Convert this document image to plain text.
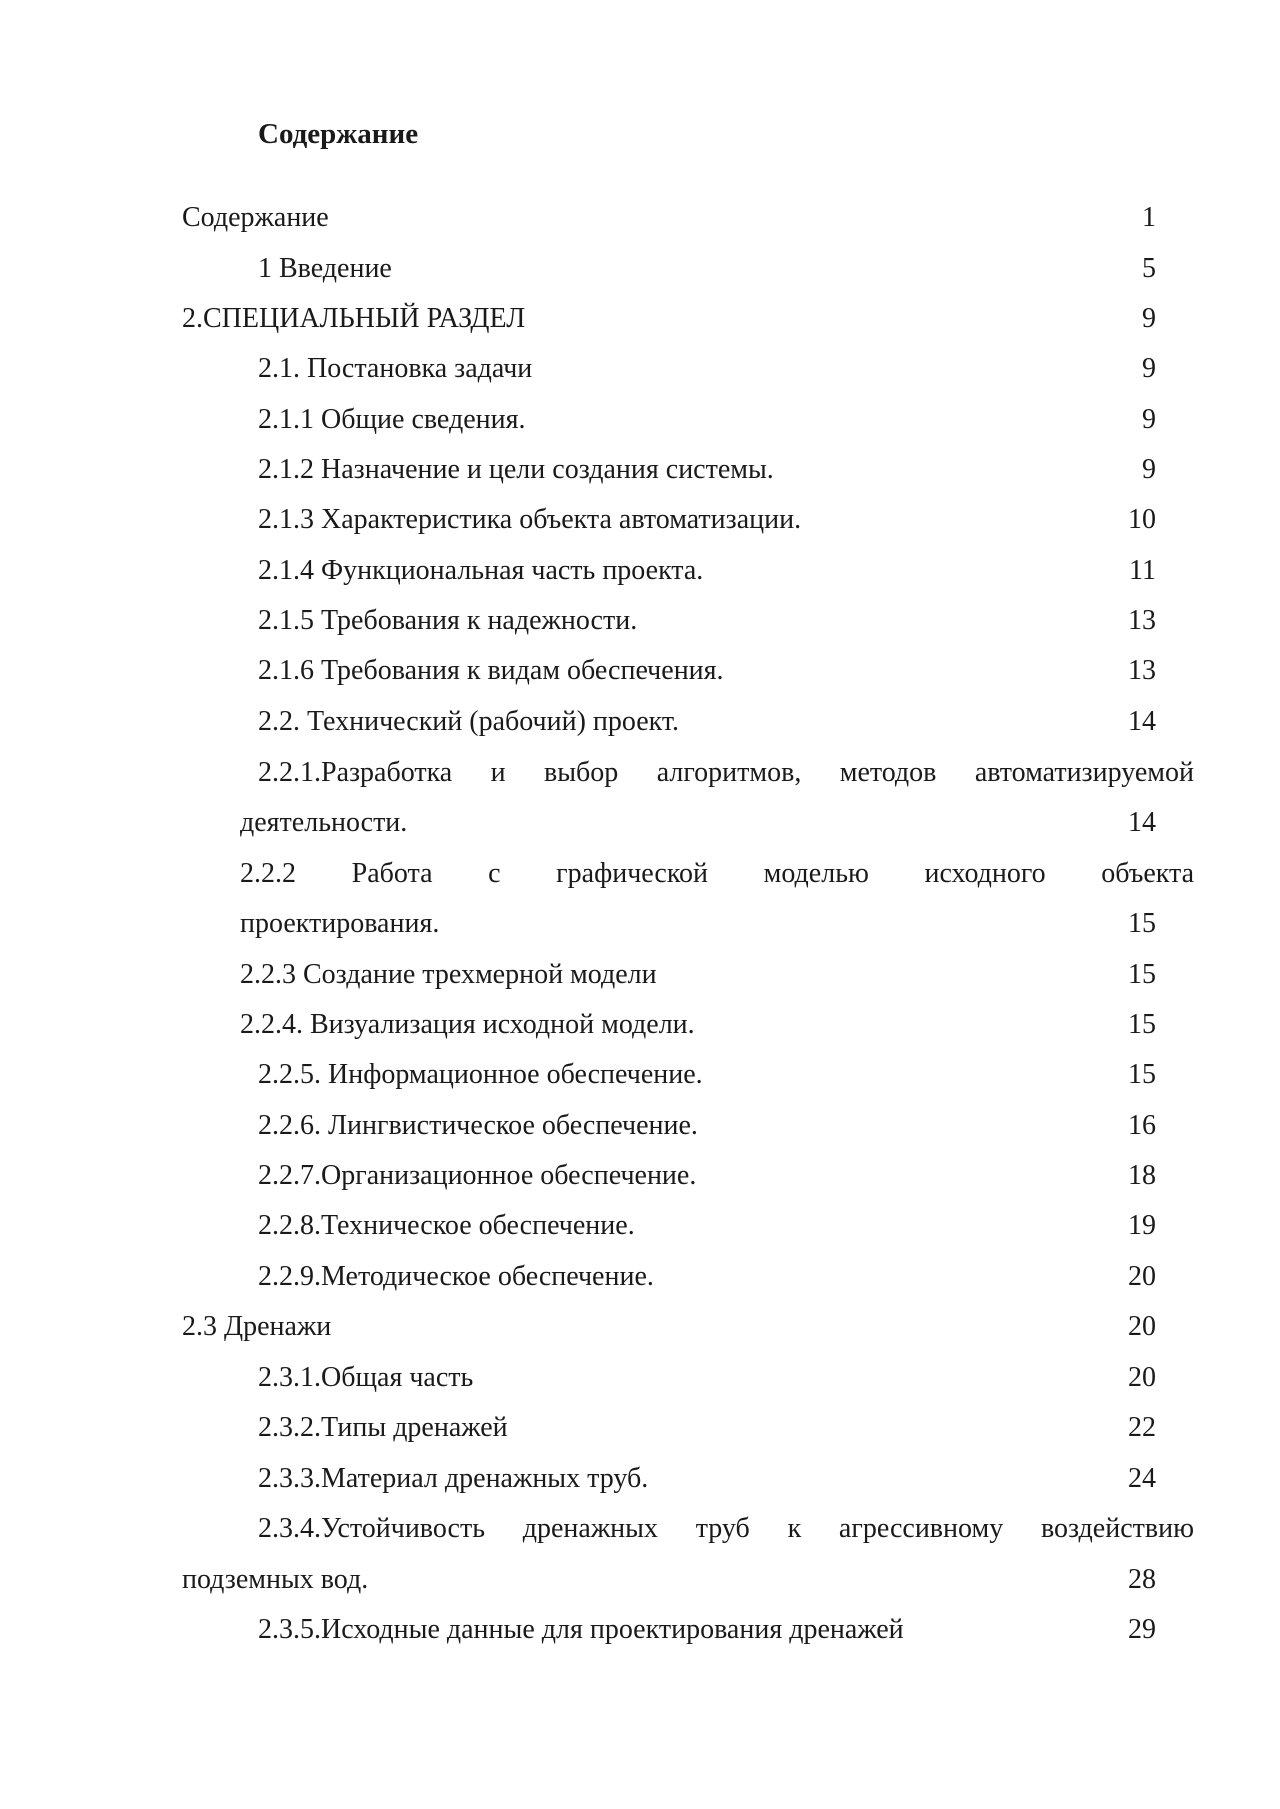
Содержание
Содержание	1
1 Введение	5
2.СПЕЦИАЛЬНЫЙ РАЗДЕЛ	9
2.1. Постановка задачи	9
2.1.1 Общие сведения.	9
2.1.2 Назначение и цели создания системы.	9
2.1.3 Характеристика объекта автоматизации.	10
2.1.4 Функциональная часть проекта.	11
2.1.5 Требования к надежности.	13
2.1.6 Требования к видам обеспечения.	13
2.2. Технический (рабочий) проект.	14
2.2.1.Разработка и выбор алгоритмов, методов автоматизируемой
деятельности.	14
2.2.2 Работа с графической моделью исходного объекта
проектирования.	15
2.2.3 Создание трехмерной модели	15
2.2.4. Визуализация исходной модели.	15
2.2.5. Информационное обеспечение.	15
2.2.6. Лингвистическое обеспечение.	16
2.2.7.Организационное обеспечение.	18
2.2.8.Техническое обеспечение.	19
2.2.9.Методическое обеспечение.	20
2.3 Дренажи	20
2.3.1.Общая часть	20
2.3.2.Типы дренажей	22
2.3.3.Материал дренажных труб.	24
2.3.4.Устойчивость дренажных труб к агрессивному воздействию
подземных вод.	28
2.3.5.Исходные данные для проектирования дренажей	29
